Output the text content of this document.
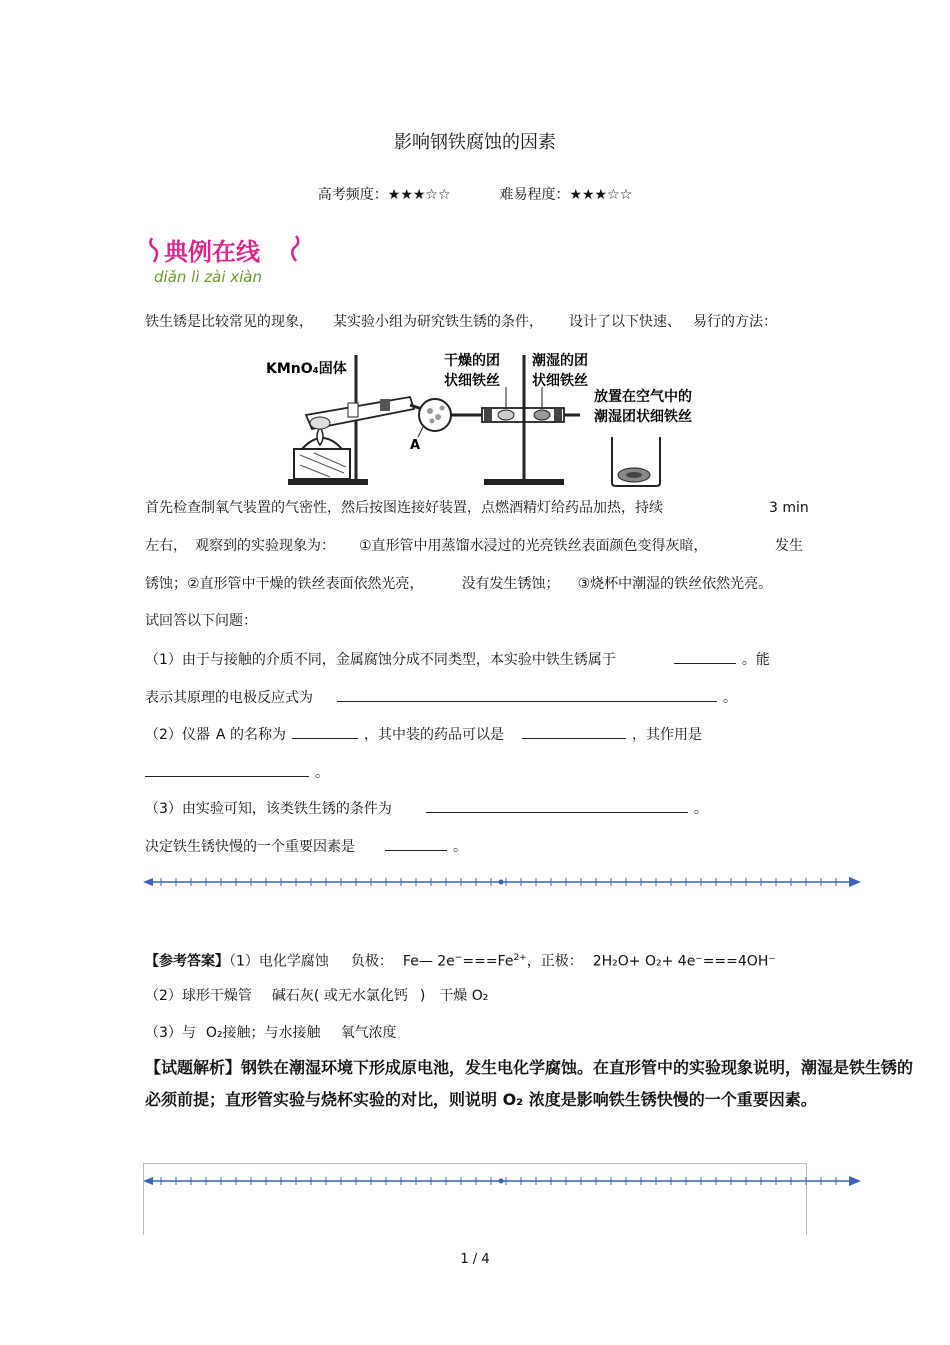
影响钢铁腐蚀的因素
高考频度：★★★☆☆	难易程度：★★★☆☆
典例在线
diǎn lì zài xiàn
铁生锈是比较常见的现象， 某实验小组为研究铁生锈的条件， 设计了以下快速、 易行的方法：
A
KMnO₄固体	干燥的团
状细铁丝
潮湿的团
状细铁丝
放置在空气中的
潮湿团状细铁丝
首先检查制氧气装置的气密性，然后按图连接好装置，点燃酒精灯给药品加热，持续	3 min
左右， 观察到的实验现象为： ①直形管中用蒸馏水浸过的光亮铁丝表面颜色变得灰暗，	发生
锈蚀；②直形管中干燥的铁丝表面依然光亮，	没有发生锈蚀； ③烧杯中潮湿的铁丝依然光亮。
试回答以下问题：
（1）由于与接触的介质不同，金属腐蚀分成不同类型，本实验中铁生锈属于	。能
表示其原理的电极反应式为	。
（2）仪器 A 的名称为	，其中装的药品可以是	，其作用是
。
（3）由实验可知，该类铁生锈的条件为	。
决定铁生锈快慢的一个重要因素是	。
【参考答案】（1）电化学腐蚀 负极： Fe— $2e^-===Fe^{2+}$，正极： 2H₂O+ O₂+ 4e⁻===4OH⁻
（2）球形干燥管 碱石灰( 或无水氯化钙 ) 干燥 O₂
（3）与 O₂接触；与水接触 氧气浓度
【试题解析】钢铁在潮湿环境下形成原电池，发生电化学腐蚀。在直形管中的实验现象说明，潮湿是铁生锈的必须前提；直形管实验与烧杯实验的对比，则说明 O₂ 浓度是影响铁生锈快慢的一个重要因素。
1 / 4
